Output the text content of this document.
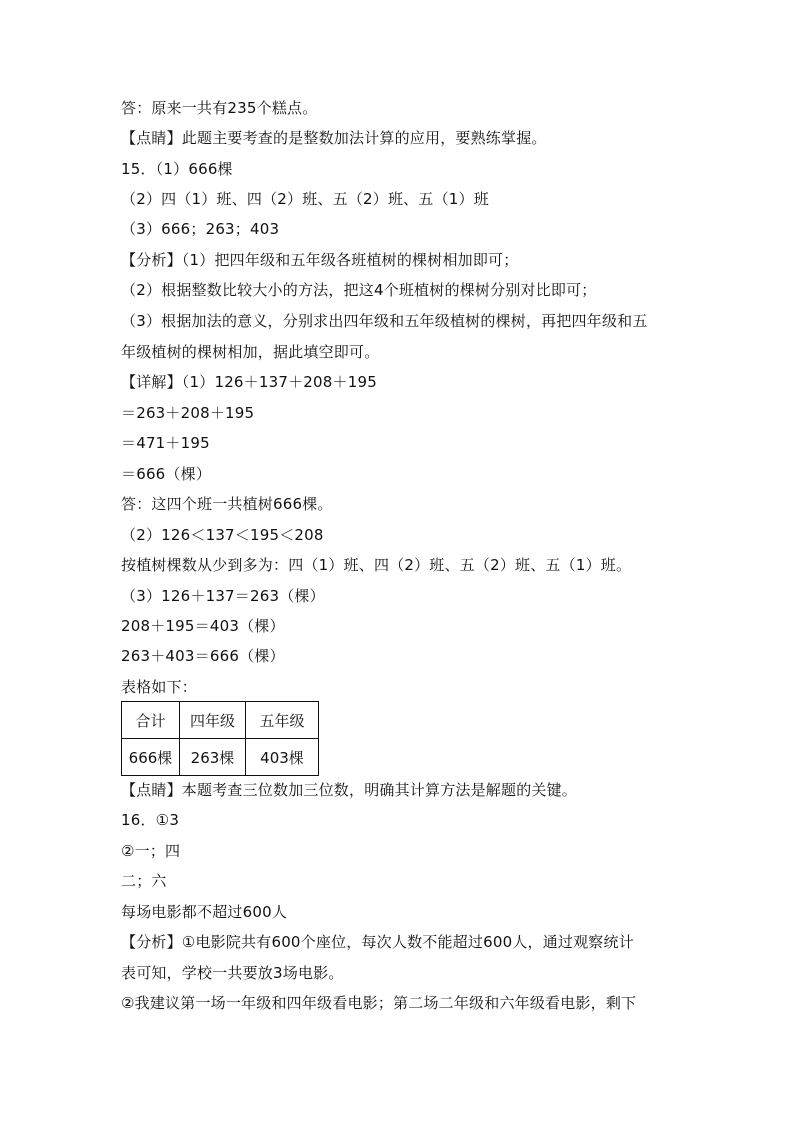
答：原来一共有235个糕点。
【点睛】此题主要考查的是整数加法计算的应用，要熟练掌握。
15．（1）666棵
（2）四（1）班、四（2）班、五（2）班、五（1）班
（3）666；263；403
【分析】（1）把四年级和五年级各班植树的棵树相加即可；
（2）根据整数比较大小的方法，把这4个班植树的棵树分别对比即可；
（3）根据加法的意义，分别求出四年级和五年级植树的棵树，再把四年级和五
年级植树的棵树相加，据此填空即可。
【详解】（1）126＋137＋208＋195
＝263＋208＋195
＝471＋195
＝666（棵）
答：这四个班一共植树666棵。
（2）126＜137＜195＜208
按植树棵数从少到多为：四（1）班、四（2）班、五（2）班、五（1）班。
（3）126＋137＝263（棵）
208＋195＝403（棵）
263＋403＝666（棵）
表格如下：
合计	四年级	五年级
666棵	263棵	403棵
【点睛】本题考查三位数加三位数，明确其计算方法是解题的关键。
16．①3
②一；四
二；六
每场电影都不超过600人
【分析】①电影院共有600个座位，每次人数不能超过600人，通过观察统计
表可知，学校一共要放3场电影。
②我建议第一场一年级和四年级看电影；第二场二年级和六年级看电影，剩下
